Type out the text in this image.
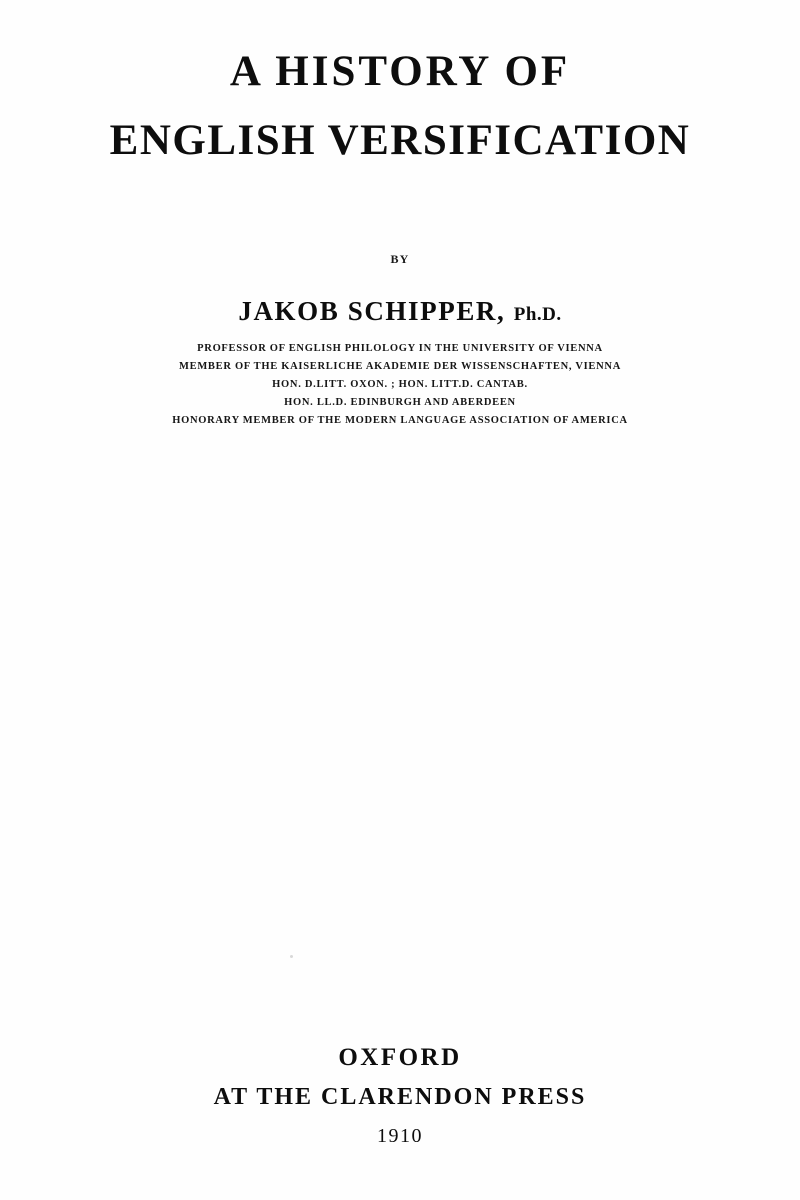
A HISTORY OF
ENGLISH VERSIFICATION
BY
JAKOB SCHIPPER, Ph.D.
PROFESSOR OF ENGLISH PHILOLOGY IN THE UNIVERSITY OF VIENNA
MEMBER OF THE KAISERLICHE AKADEMIE DER WISSENSCHAFTEN, VIENNA
HON. D.LITT. OXON. ; HON. LITT.D. CANTAB.
HON. LL.D. EDINBURGH AND ABERDEEN
HONORARY MEMBER OF THE MODERN LANGUAGE ASSOCIATION OF AMERICA
OXFORD
AT THE CLARENDON PRESS
1910
